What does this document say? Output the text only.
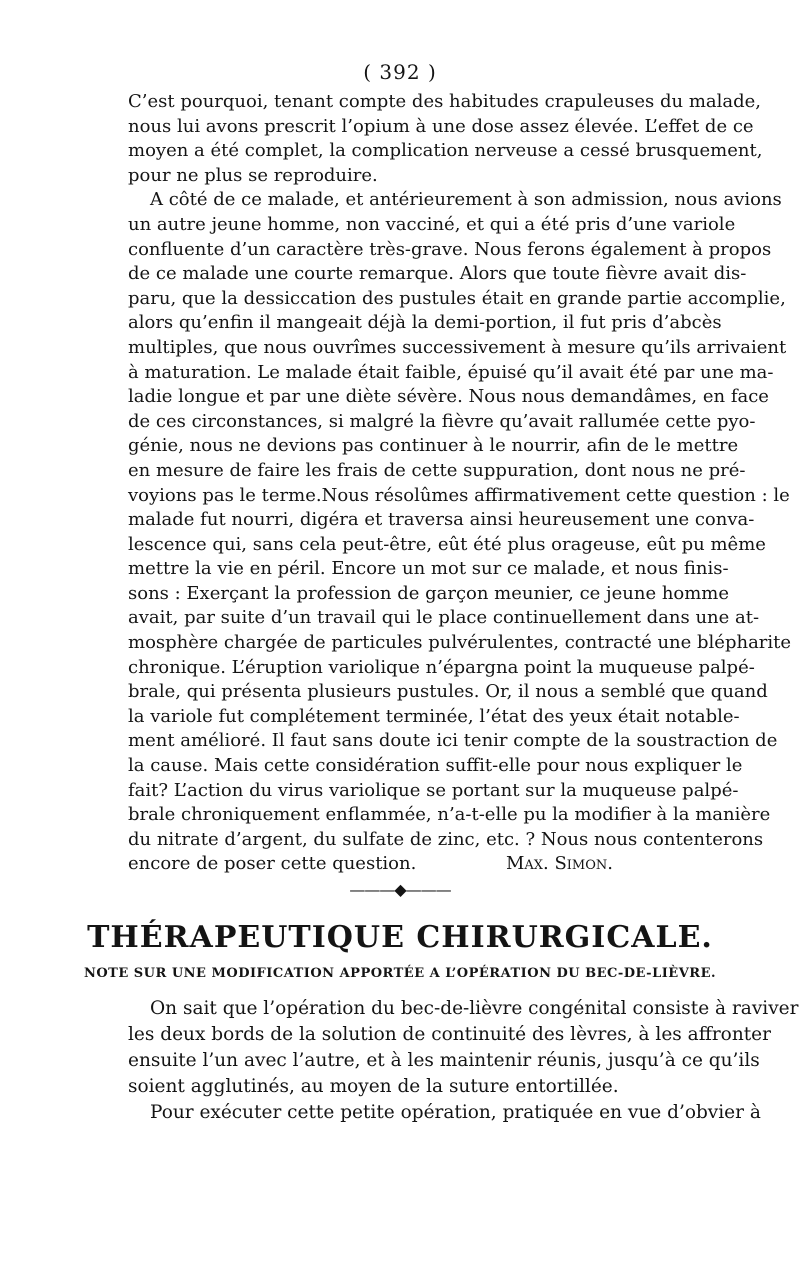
( 392 )
C’est pourquoi, tenant compte des habitudes crapuleuses du malade,
nous lui avons prescrit l’opium à une dose assez élevée. L’effet de ce
moyen a été complet, la complication nerveuse a cessé brusquement,
pour ne plus se reproduire.
A côté de ce malade, et antérieurement à son admission, nous avions
un autre jeune homme, non vacciné, et qui a été pris d’une variole
confluente d’un caractère très-grave. Nous ferons également à propos
de ce malade une courte remarque. Alors que toute fièvre avait dis-
paru, que la dessiccation des pustules était en grande partie accomplie,
alors qu’enfin il mangeait déjà la demi-portion, il fut pris d’abcès
multiples, que nous ouvrîmes successivement à mesure qu’ils arrivaient
à maturation. Le malade était faible, épuisé qu’il avait été par une ma-
ladie longue et par une diète sévère. Nous nous demandâmes, en face
de ces circonstances, si malgré la fièvre qu’avait rallumée cette pyo-
génie, nous ne devions pas continuer à le nourrir, afin de le mettre
en mesure de faire les frais de cette suppuration, dont nous ne pré-
voyions pas le terme.Nous résolûmes affirmativement cette question : le
malade fut nourri, digéra et traversa ainsi heureusement une conva-
lescence qui, sans cela peut-être, eût été plus orageuse, eût pu même
mettre la vie en péril. Encore un mot sur ce malade, et nous finis-
sons : Exerçant la profession de garçon meunier, ce jeune homme
avait, par suite d’un travail qui le place continuellement dans une at-
mosphère chargée de particules pulvérulentes, contracté une blépharite
chronique. L’éruption variolique n’épargna point la muqueuse palpé-
brale, qui présenta plusieurs pustules. Or, il nous a semblé que quand
la variole fut complétement terminée, l’état des yeux était notable-
ment amélioré. Il faut sans doute ici tenir compte de la soustraction de
la cause. Mais cette considération suffit-elle pour nous expliquer le
fait? L’action du virus variolique se portant sur la muqueuse palpé-
brale chroniquement enflammée, n’a-t-elle pu la modifier à la manière
du nitrate d’argent, du sulfate de zinc, etc. ? Nous nous contenterons
encore de poser cette question.	Max. Simon.
———◆———
THÉRAPEUTIQUE CHIRURGICALE.
NOTE SUR UNE MODIFICATION APPORTÉE A L’OPÉRATION DU BEC-DE-LIÈVRE.
On sait que l’opération du bec-de-lièvre congénital consiste à raviver
les deux bords de la solution de continuité des lèvres, à les affronter
ensuite l’un avec l’autre, et à les maintenir réunis, jusqu’à ce qu’ils
soient agglutinés, au moyen de la suture entortillée.
Pour exécuter cette petite opération, pratiquée en vue d’obvier à
